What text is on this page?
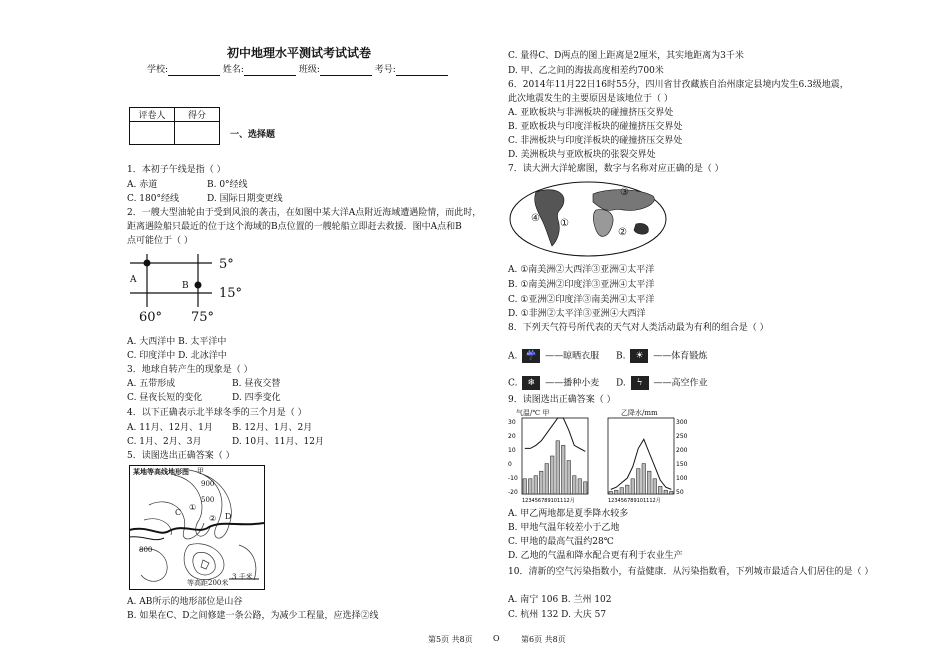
初中地理水平测试考试试卷
学校:	姓名:	班级:	考号:
评卷人	得分

一、选择题
1．本初子午线是指（ ）
A. 赤道	B. 0°经线
C. 180°经线	D. 国际日期变更线
2．一艘大型油轮由于受到风浪的袭击，在如图中某大洋A点附近海域遭遇险情，而此时，
距离遇险船只最近的位于这个海域的B点位置的一艘轮船立即赶去救援．图中A点和B
点可能位于（ ）
A
B
5°
15°
60° 75°
A. 大西洋中 B. 太平洋中
C. 印度洋中 D. 北冰洋中
3．地球自转产生的现象是（ ）
A. 五带形成	B. 昼夜交替
C. 昼夜长短的变化	D. 四季变化
4．以下正确表示北半球冬季的三个月是（ ）
A. 11月、12月、1月 B. 12月、1月、2月
C. 1月、2月、3月	D. 10月、11月、12月
5．读图选出正确答案（ ）
某地等高线地形图 甲
900
500
800
①
②
C	D
等高距200米
3 千米
A. AB所示的地形部位是山谷
B. 如果在C、D之间修建一条公路，为减少工程量，应选择②线
C. 量得C、D两点的图上距离是2厘米，其实地距离为3千米
D. 甲、乙之间的海拔高度相差约700米
6．2014年11月22日16时55分，四川省甘孜藏族自治州康定县境内发生6.3级地震，
此次地震发生的主要原因是该地位于（ ）
A. 亚欧板块与非洲板块的碰撞挤压交界处
B. 亚欧板块与印度洋板块的碰撞挤压交界处
C. 非洲板块与印度洋板块的碰撞挤压交界处
D. 美洲板块与亚欧板块的张裂交界处
7．读大洲大洋轮廓图，数字与名称对应正确的是（ ）
④ ①
②
③
A. ①南美洲②大西洋③亚洲④太平洋
B. ①南美洲②印度洋③亚洲④太平洋
C. ①亚洲②印度洋③南美洲④太平洋
D. ①非洲②太平洋③亚洲④大西洋
8．下列天气符号所代表的天气对人类活动最为有利的组合是（ ）
A. ☔ ——晾晒衣服 B. ☀ ——体育锻炼
C. ❄ ——播种小麦 D. ϟ ——高空作业
9．读图选出正确答案（ ）
气温/℃ 甲	乙降水/mm
30
20
10
0
-10
-20
300
250
200
150
100
50
123456789101112月	123456789101112月
A. 甲乙两地都是夏季降水较多
B. 甲地气温年较差小于乙地
C. 甲地的最高气温约28℃
D. 乙地的气温和降水配合更有利于农业生产
10．清新的空气污染指数小，有益健康．从污染指数看，下列城市最适合人们居住的是（ ）
A. 南宁 106 B. 兰州 102
C. 杭州 132 D. 大庆 57
第5页 共8页	O	第6页 共8页
